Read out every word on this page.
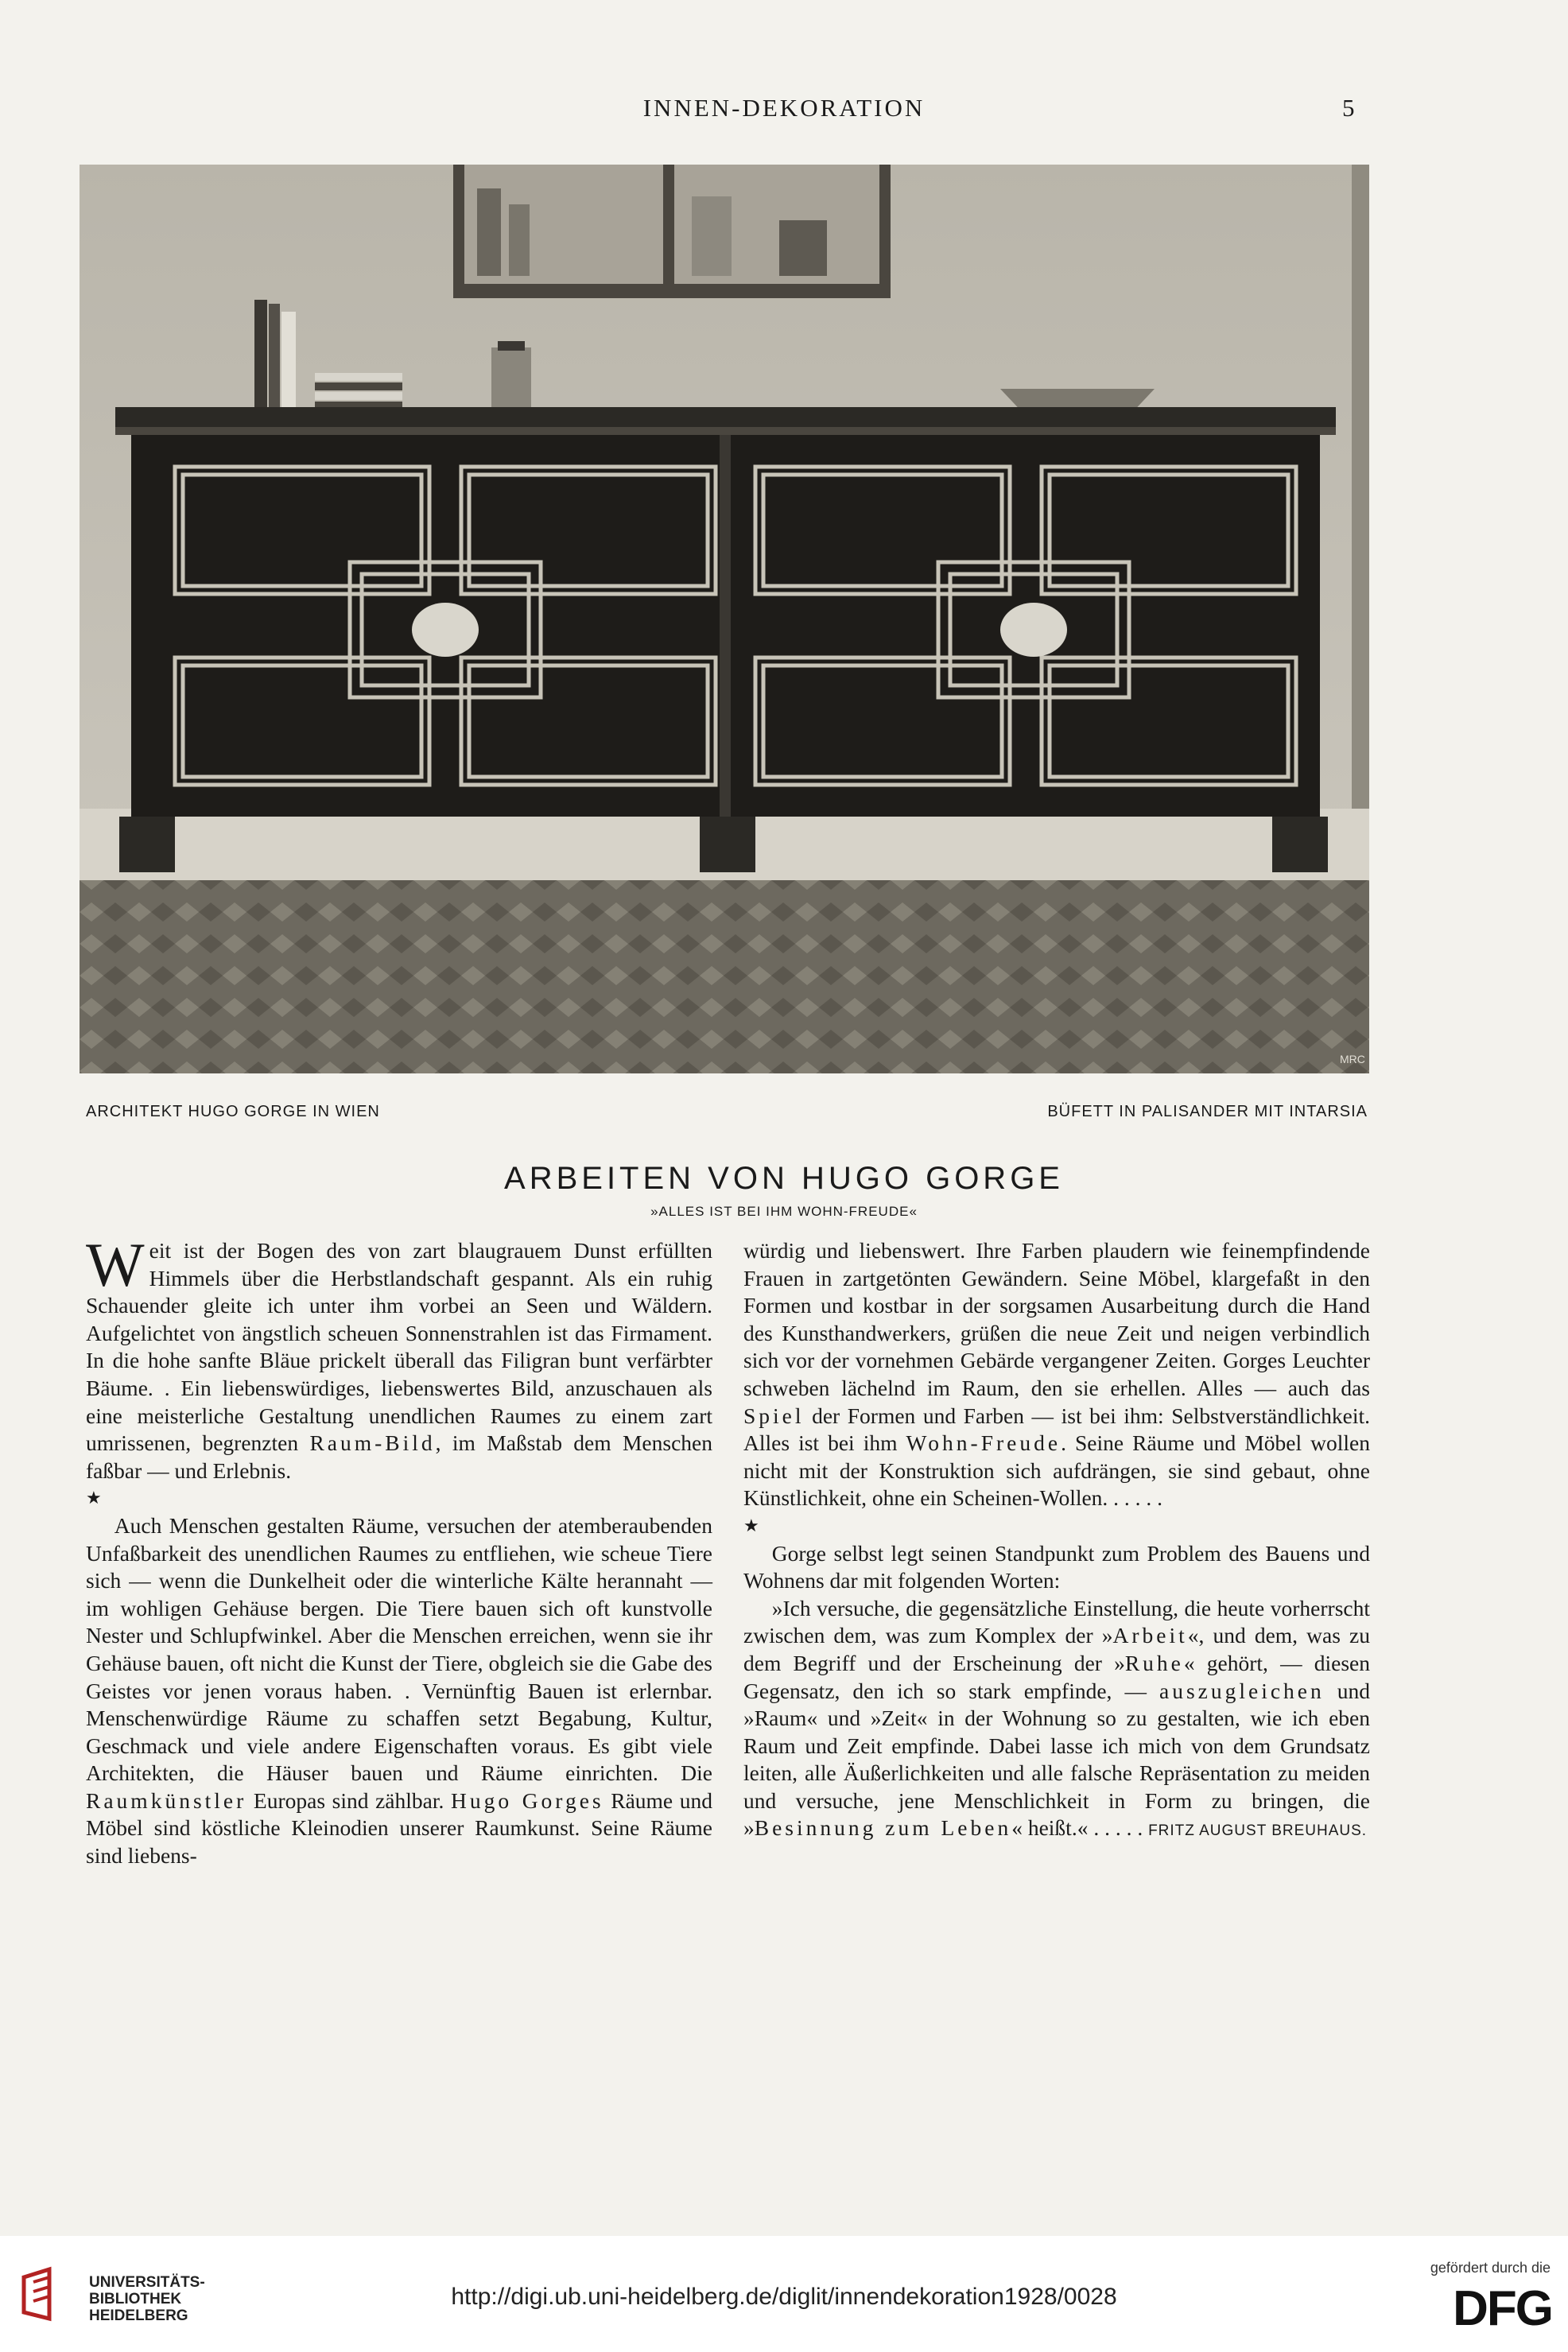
INNEN-DEKORATION	5
MRC
ARCHITEKT HUGO GORGE IN WIEN	BÜFETT IN PALISANDER MIT INTARSIA
ARBEITEN VON HUGO GORGE
»ALLES IST BEI IHM WOHN-FREUDE«

Weit ist der Bogen des von zart blaugrauem Dunst erfüllten Himmels über die Herbstlandschaft gespannt. Als ein ruhig Schauender gleite ich unter ihm vorbei an Seen und Wäldern. Aufgelichtet von ängstlich scheuen Sonnenstrahlen ist das Firmament. In die hohe sanfte Bläue prickelt überall das Filigran bunt verfärbter Bäume. . Ein liebenswürdiges, liebenswertes Bild, anzuschauen als eine meisterliche Gestaltung unendlichen Raumes zu einem zart umrissenen, begrenzten Raum-Bild, im Maßstab dem Menschen faßbar — und Erlebnis.

★

Auch Menschen gestalten Räume, versuchen der atemberaubenden Unfaßbarkeit des unendlichen Raumes zu entfliehen, wie scheue Tiere sich — wenn die Dunkelheit oder die winterliche Kälte herannaht — im wohligen Gehäuse bergen. Die Tiere bauen sich oft kunstvolle Nester und Schlupfwinkel. Aber die Menschen erreichen, wenn sie ihr Gehäuse bauen, oft nicht die Kunst der Tiere, obgleich sie die Gabe des Geistes vor jenen voraus haben. . Vernünftig Bauen ist erlernbar. Menschenwürdige Räume zu schaffen setzt Begabung, Kultur, Geschmack und viele andere Eigenschaften voraus. Es gibt viele Architekten, die Häuser bauen und Räume einrichten. Die Raumkünstler Europas sind zählbar. Hugo Gorges Räume und Möbel sind köstliche Kleinodien unserer Raumkunst. Seine Räume sind liebens-

würdig und liebenswert. Ihre Farben plaudern wie feinempfindende Frauen in zartgetönten Gewändern. Seine Möbel, klargefaßt in den Formen und kostbar in der sorgsamen Ausarbeitung durch die Hand des Kunsthandwerkers, grüßen die neue Zeit und neigen verbindlich sich vor der vornehmen Gebärde vergangener Zeiten. Gorges Leuchter schweben lächelnd im Raum, den sie erhellen. Alles — auch das Spiel der Formen und Farben — ist bei ihm: Selbstverständlichkeit. Alles ist bei ihm Wohn-Freude. Seine Räume und Möbel wollen nicht mit der Konstruktion sich aufdrängen, sie sind gebaut, ohne Künstlichkeit, ohne ein Scheinen-Wollen. . . . . .

★

Gorge selbst legt seinen Standpunkt zum Problem des Bauens und Wohnens dar mit folgenden Worten:

»Ich versuche, die gegensätzliche Einstellung, die heute vorherrscht zwischen dem, was zum Komplex der »Arbeit«, und dem, was zu dem Begriff und der Erscheinung der »Ruhe« gehört, — diesen Gegensatz, den ich so stark empfinde, — auszugleichen und »Raum« und »Zeit« in der Wohnung so zu gestalten, wie ich eben Raum und Zeit empfinde. Dabei lasse ich mich von dem Grundsatz leiten, alle Äußerlichkeiten und alle falsche Repräsentation zu meiden und versuche, jene Menschlichkeit in Form zu bringen, die »Besinnung zum Leben« heißt.« . . . . . FRITZ AUGUST BREUHAUS.

UNIVERSITÄTS-
BIBLIOTHEK
HEIDELBERG
http://digi.ub.uni-heidelberg.de/diglit/innendekoration1928/0028
gefördert durch die
DFG
